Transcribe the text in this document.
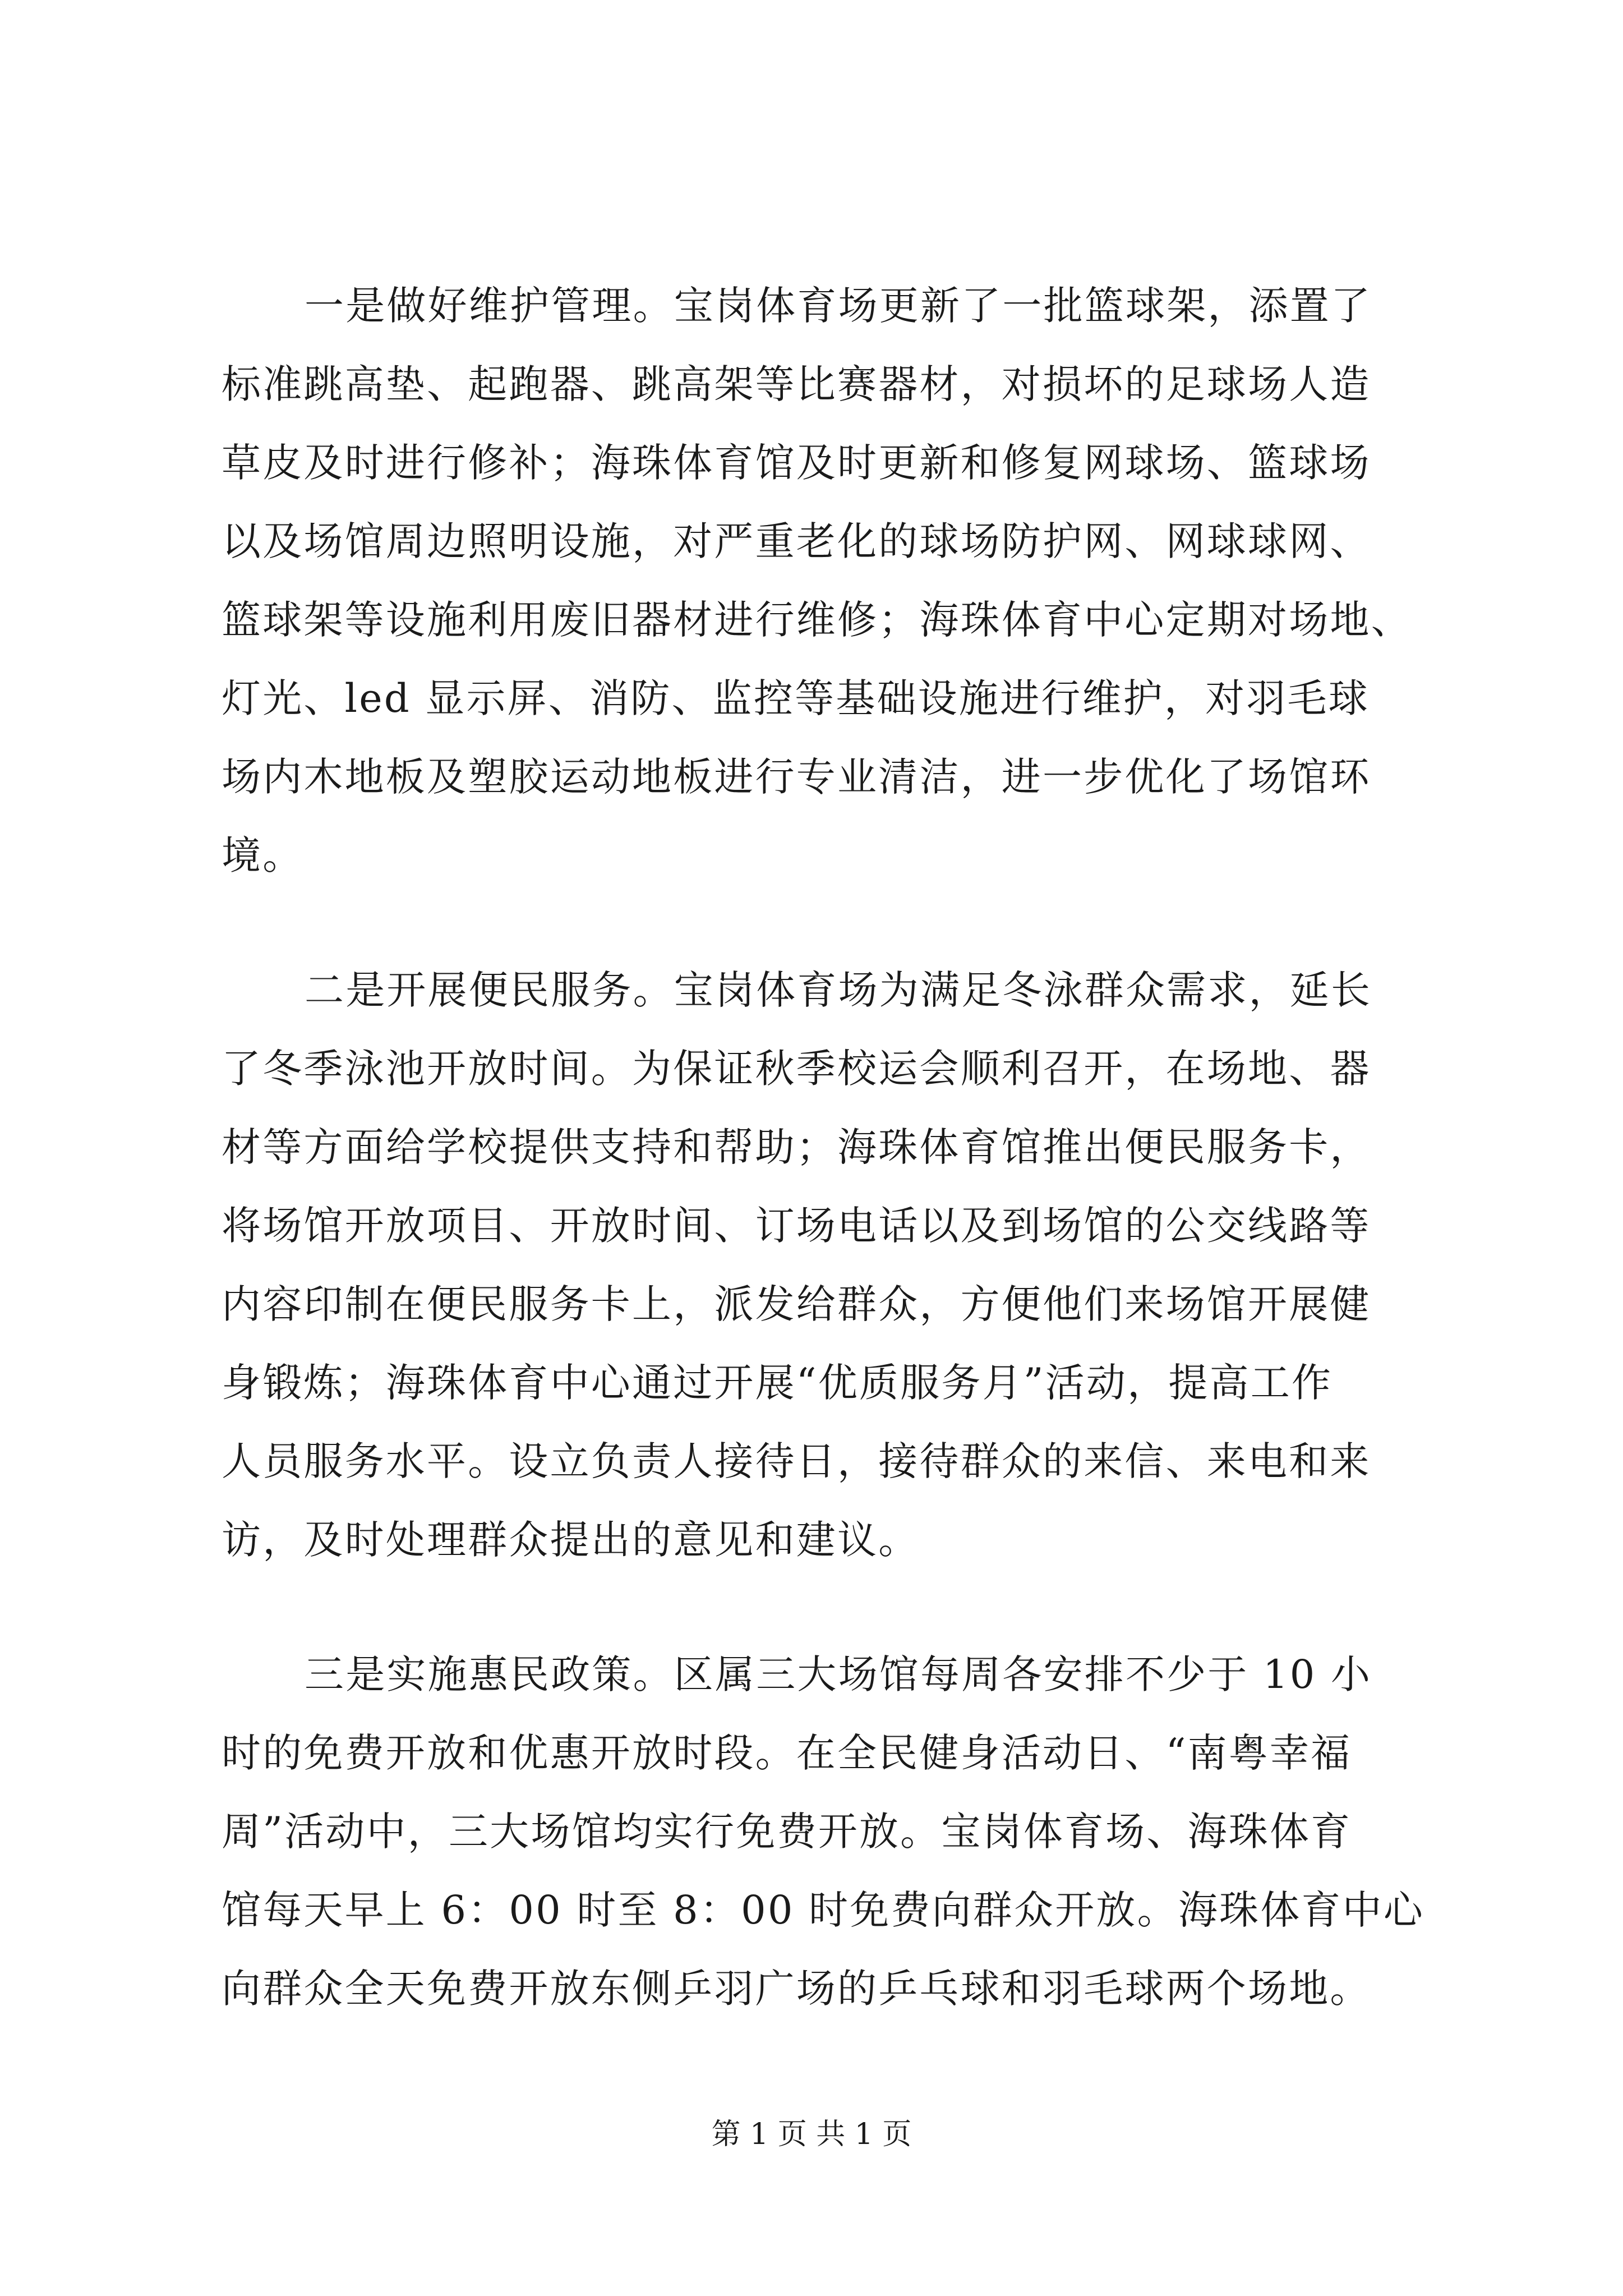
一是做好维护管理。宝岗体育场更新了一批篮球架，添置了
标准跳高垫、起跑器、跳高架等比赛器材，对损坏的足球场人造
草皮及时进行修补；海珠体育馆及时更新和修复网球场、篮球场
以及场馆周边照明设施，对严重老化的球场防护网、网球球网、
篮球架等设施利用废旧器材进行维修；海珠体育中心定期对场地、
灯光、led 显示屏、消防、监控等基础设施进行维护，对羽毛球
场内木地板及塑胶运动地板进行专业清洁，进一步优化了场馆环
境。
二是开展便民服务。宝岗体育场为满足冬泳群众需求，延长
了冬季泳池开放时间。为保证秋季校运会顺利召开，在场地、器
材等方面给学校提供支持和帮助；海珠体育馆推出便民服务卡，
将场馆开放项目、开放时间、订场电话以及到场馆的公交线路等
内容印制在便民服务卡上，派发给群众，方便他们来场馆开展健
身锻炼；海珠体育中心通过开展“优质服务月”活动，提高工作
人员服务水平。设立负责人接待日，接待群众的来信、来电和来
访，及时处理群众提出的意见和建议。
三是实施惠民政策。区属三大场馆每周各安排不少于 10 小
时的免费开放和优惠开放时段。在全民健身活动日、“南粤幸福
周”活动中，三大场馆均实行免费开放。宝岗体育场、海珠体育
馆每天早上 6：00 时至 8：00 时免费向群众开放。海珠体育中心
向群众全天免费开放东侧乒羽广场的乒乓球和羽毛球两个场地。
第 1 页 共 1 页
